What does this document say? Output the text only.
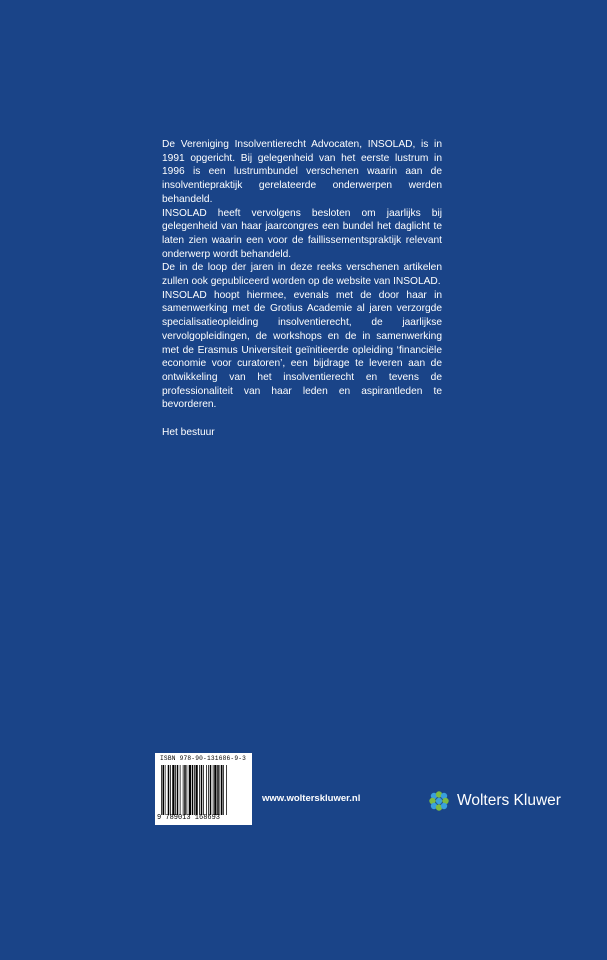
De Vereniging Insolventierecht Advocaten, INSOLAD, is in 1991 opgericht. Bij gelegenheid van het eerste lustrum in 1996 is een lustrumbundel verschenen waarin aan de insolventiepraktijk gerelateerde onderwerpen werden behandeld.

INSOLAD heeft vervolgens besloten om jaarlijks bij gelegenheid van haar jaarcongres een bundel het daglicht te laten zien waarin een voor de faillissementspraktijk relevant onderwerp wordt behandeld.

De in de loop der jaren in deze reeks verschenen artikelen zullen ook gepubliceerd worden op de website van INSOLAD.

INSOLAD hoopt hiermee, evenals met de door haar in samenwerking met de Grotius Academie al jaren verzorgde specialisatieopleiding insolventierecht, de jaarlijkse vervolgopleidingen, de workshops en de in samenwerking met de Erasmus Universiteit geïnitieerde opleiding ‘financiële economie voor curatoren’, een bijdrage te leveren aan de ontwikkeling van het insolventierecht en tevens de professionaliteit van haar leden en aspirantleden te bevorderen.

Het bestuur

ISBN 978-90-131686-9-3
9 789013 168693
www.wolterskluwer.nl	Wolters Kluwer
